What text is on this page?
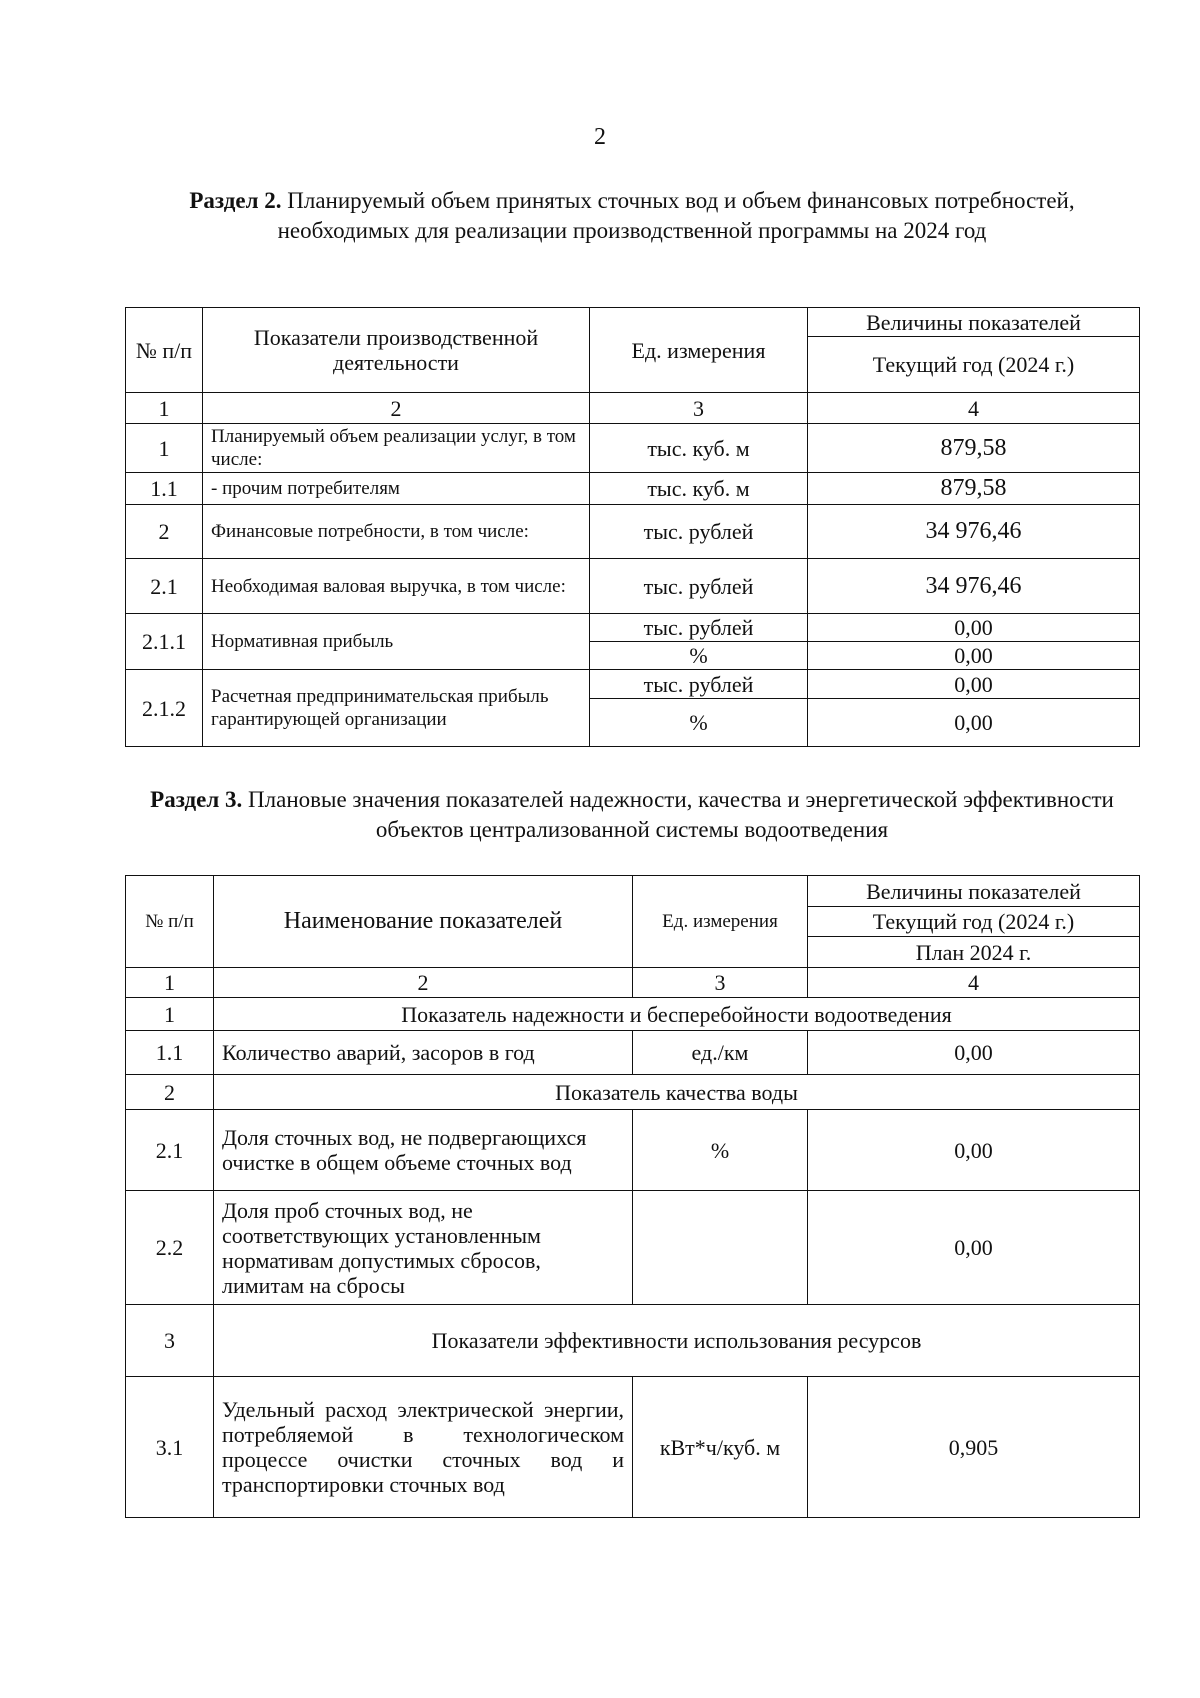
2
Раздел 2. Планируемый объем принятых сточных вод и объем финансовых потребностей, необходимых для реализации производственной программы на 2024 год
№ п/п	Показатели производственной деятельности	Ед. измерения	Величины показателей
			Текущий год (2024 г.)
1	2	3	4
1	Планируемый объем реализации услуг, в том числе:	тыс. куб. м	879,58
1.1	- прочим потребителям	тыс. куб. м	879,58
2	Финансовые потребности, в том числе:	тыс. рублей	34 976,46
2.1	Необходимая валовая выручка, в том числе:	тыс. рублей	34 976,46
2.1.1	Нормативная прибыль	тыс. рублей	0,00
		%	0,00
2.1.2	Расчетная предпринимательская прибыль гарантирующей организации	тыс. рублей	0,00
		%	0,00
Раздел 3. Плановые значения показателей надежности, качества и энергетической эффективности объектов централизованной системы водоотведения
№ п/п	Наименование показателей	Ед. измерения	Величины показателей
			Текущий год (2024 г.)
			План 2024 г.
1	2	3	4
1	Показатель надежности и бесперебойности водоотведения		
1.1	Количество аварий, засоров в год	ед./км	0,00
2	Показатель качества воды		
2.1	Доля сточных вод, не подвергающихся очистке в общем объеме сточных вод	%	0,00
2.2	Доля проб сточных вод, не соответствующих установленным нормативам допустимых сбросов, лимитам на сбросы		0,00
3	Показатели эффективности использования ресурсов		
3.1	Удельный расход электрической энергии, потребляемой в технологическом процессе очистки сточных вод и транспортировки сточных вод	кВт*ч/куб. м	0,905
